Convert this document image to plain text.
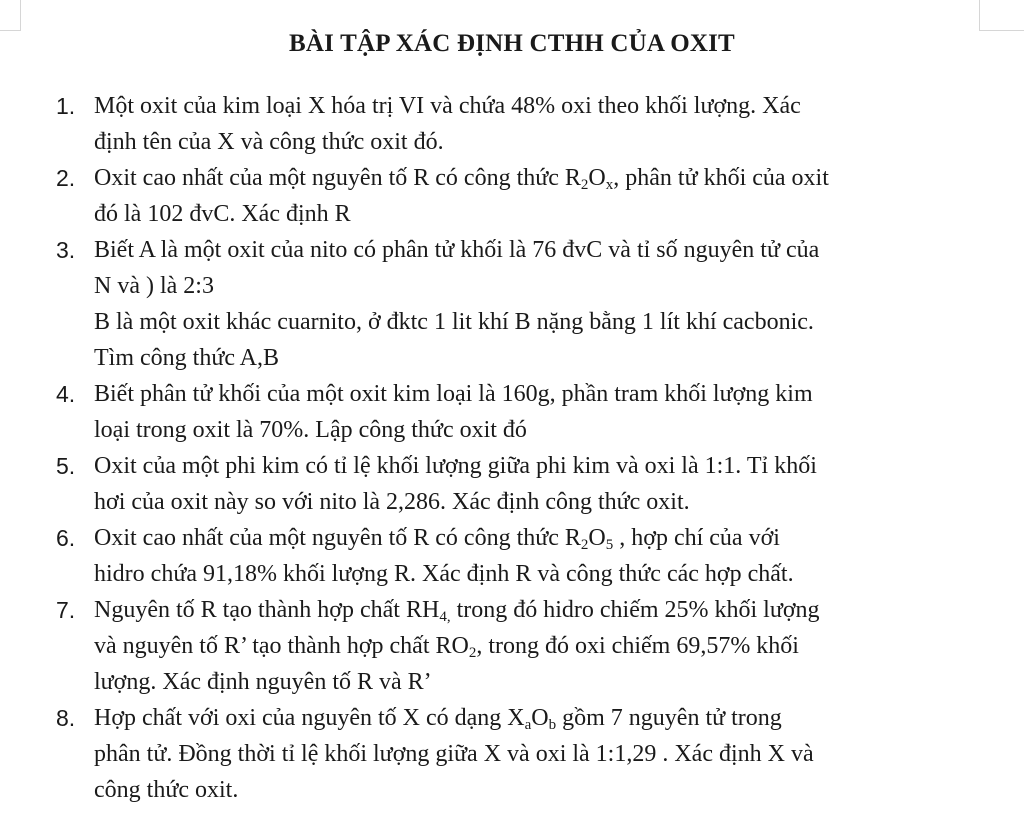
BÀI TẬP XÁC ĐỊNH CTHH CỦA OXIT
1. Một oxit của kim loại X hóa trị VI và chứa 48% oxi theo khối lượng. Xác
định tên của X và công thức oxit đó.
2. Oxit cao nhất của một nguyên tố R có công thức $R_2O_x$, phân tử khối của oxit
đó là 102 đvC. Xác định R
3. Biết A là một oxit của nito có phân tử khối là 76 đvC và tỉ số nguyên tử của
N và ) là 2:3
B là một oxit khác cuarnito, ở đktc 1 lit khí B nặng bằng 1 lít khí cacbonic.
Tìm công thức A,B
4. Biết phân tử khối của một oxit kim loại là 160g, phần tram khối lượng kim
loại trong oxit là 70%. Lập công thức oxit đó
5. Oxit của một phi kim có tỉ lệ khối lượng giữa phi kim và oxi là 1:1. Tỉ khối
hơi của oxit này so với nito là 2,286. Xác định công thức oxit.
6. Oxit cao nhất của một nguyên tố R có công thức $R_2O_5$ , hợp chí của với
hidro chứa 91,18% khối lượng R. Xác định R và công thức các hợp chất.
7. Nguyên tố R tạo thành hợp chất $RH_{4,}$ trong đó hidro chiếm 25% khối lượng
và nguyên tố R’ tạo thành hợp chất $RO_2$, trong đó oxi chiếm 69,57% khối
lượng. Xác định nguyên tố R và R’
8. Hợp chất với oxi của nguyên tố X có dạng $X_aO_b$ gồm 7 nguyên tử trong
phân tử. Đồng thời tỉ lệ khối lượng giữa X và oxi là 1:1,29 . Xác định X và
công thức oxit.
